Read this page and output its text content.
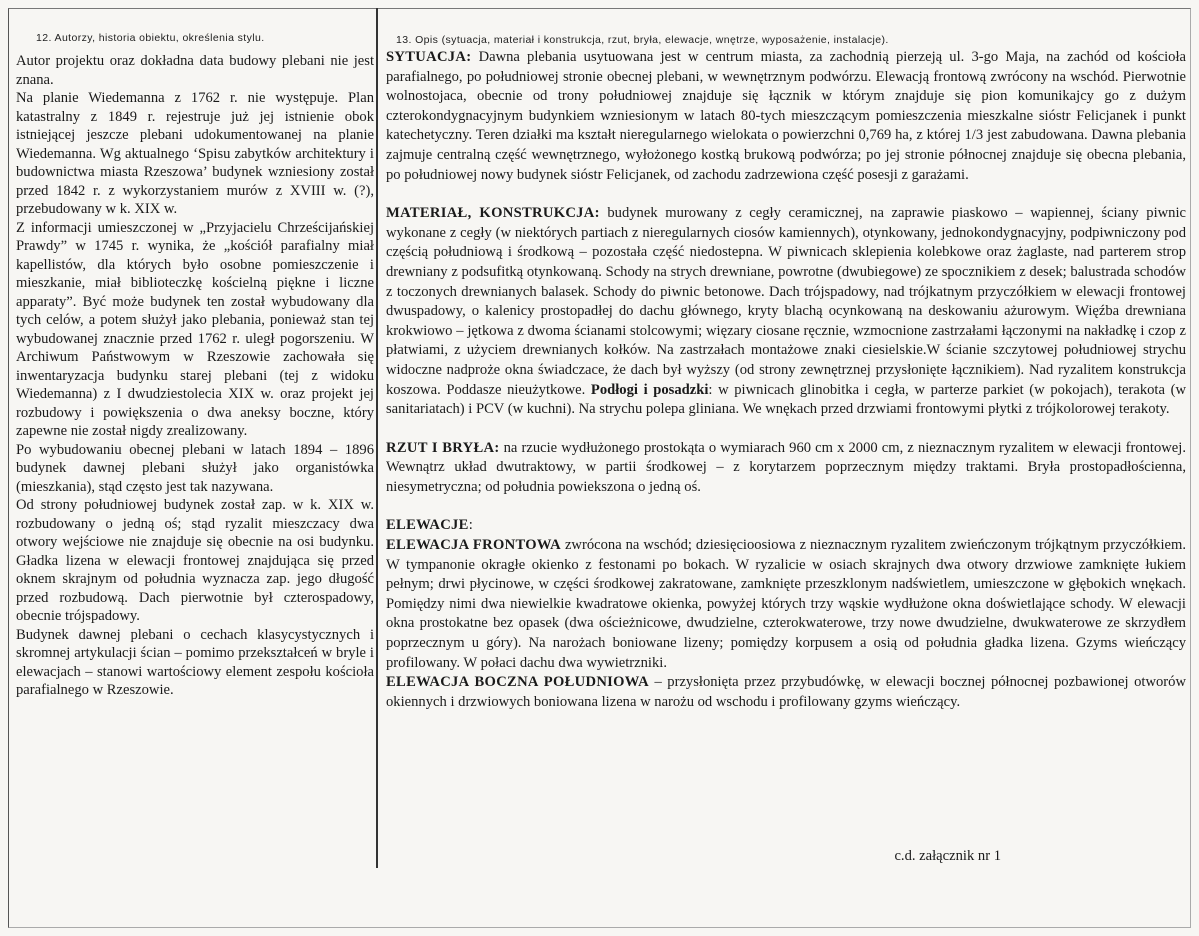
12. Autorzy, historia obiektu, określenia stylu.	13. Opis (sytuacja, materiał i konstrukcja, rzut, bryła, elewacje, wnętrze, wyposażenie, instalacje).

Autor projektu oraz dokładna data budowy plebani nie jest znana.

Na planie Wiedemanna z 1762 r. nie występuje. Plan katastralny z 1849 r. rejestruje już jej istnienie obok istniejącej jeszcze plebani udokumentowanej na planie Wiedemanna. Wg aktualnego ‘Spisu zabytków architektury i budownictwa miasta Rzeszowa’ budynek wzniesiony został przed 1842 r. z wykorzystaniem murów z XVIII w. (?), przebudowany w k. XIX w.

Z informacji umieszczonej w „Przyjacielu Chrześcijańskiej Prawdy” w 1745 r. wynika, że „kościół parafialny miał kapellistów, dla których było osobne pomieszczenie i mieszkanie, miał biblioteczkę kościelną piękne i liczne apparaty”. Być może budynek ten został wybudowany dla tych celów, a potem służył jako plebania, ponieważ stan tej wybudowanej znacznie przed 1762 r. uległ pogorszeniu. W Archiwum Państwowym w Rzeszowie zachowała się inwentaryzacja budynku starej plebani (tej z widoku Wiedemanna) z I dwudziestolecia XIX w. oraz projekt jej rozbudowy i powiększenia o dwa aneksy boczne, który zapewne nie został nigdy zrealizowany.

Po wybudowaniu obecnej plebani w latach 1894 – 1896 budynek dawnej plebani służył jako organistówka (mieszkania), stąd często jest tak nazywana.

Od strony południowej budynek został zap. w k. XIX w. rozbudowany o jedną oś; stąd ryzalit mieszczacy dwa otwory wejściowe nie znajduje się obecnie na osi budynku. Gładka lizena w elewacji frontowej znajdująca się przed oknem skrajnym od południa wyznacza zap. jego długość przed rozbudową. Dach pierwotnie był czterospadowy, obecnie trójspadowy.

Budynek dawnej plebani o cechach klasycystycznych i skromnej artykulacji ścian – pomimo przekształceń w bryle i elewacjach – stanowi wartościowy element zespołu kościoła parafialnego w Rzeszowie.

SYTUACJA: Dawna plebania usytuowana jest w centrum miasta, za zachodnią pierzeją ul. 3-go Maja, na zachód od kościoła parafialnego, po południowej stronie obecnej plebani, w wewnętrznym podwórzu. Elewacją frontową zwrócony na wschód. Pierwotnie wolnostojaca, obecnie od trony południowej znajduje się łącznik w którym znajduje się pion komunikajcy go z dużym czterokondygnacyjnym budynkiem wzniesionym w latach 80-tych mieszczącym pomieszczenia mieszkalne sióstr Felicjanek i punkt katechetyczny. Teren działki ma kształt nieregularnego wielokata o powierzchni 0,769 ha, z której 1/3 jest zabudowana. Dawna plebania zajmuje centralną część wewnętrznego, wyłożonego kostką brukową podwórza; po jej stronie północnej znajduje się obecna plebania, po południowej nowy budynek sióstr Felicjanek, od zachodu zadrzewiona część posesji z garażami.

MATERIAŁ, KONSTRUKCJA: budynek murowany z cegły ceramicznej, na zaprawie piaskowo – wapiennej, ściany piwnic wykonane z cegły (w niektórych partiach z nieregularnych ciosów kamiennych), otynkowany, jednokondygnacyjny, podpiwniczony pod częścią południową i środkową – pozostała część niedostepna. W piwnicach sklepienia kolebkowe oraz żaglaste, nad parterem strop drewniany z podsufitką otynkowaną. Schody na strych drewniane, powrotne (dwubiegowe) ze spocznikiem z desek; balustrada schodów z toczonych drewnianych balasek. Schody do piwnic betonowe. Dach trójspadowy, nad trójkatnym przyczółkiem w elewacji frontowej dwuspadowy, o kalenicy prostopadłej do dachu głównego, kryty blachą ocynkowaną na deskowaniu ażurowym. Więźba drewniana krokwiowo – jętkowa z dwoma ścianami stolcowymi; więzary ciosane ręcznie, wzmocnione zastrzałami łączonymi na nakładkę i czop z płatwiami, z użyciem drewnianych kołków. Na zastrzałach montażowe znaki ciesielskie.W ścianie szczytowej południowej strychu widoczne nadproże okna świadczace, że dach był wyższy (od strony zewnętrznej przysłonięte łącznikiem). Nad ryzalitem konstrukcja koszowa. Poddasze nieużytkowe. Podłogi i posadzki: w piwnicach glinobitka i cegła, w parterze parkiet (w pokojach), terakota (w sanitariatach) i PCV (w kuchni). Na strychu polepa gliniana. We wnękach przed drzwiami frontowymi płytki z trójkolorowej terakoty.

RZUT I BRYŁA: na rzucie wydłużonego prostokąta o wymiarach 960 cm x 2000 cm, z nieznacznym ryzalitem w elewacji frontowej. Wewnątrz układ dwutraktowy, w partii środkowej – z korytarzem poprzecznym między traktami. Bryła prostopadłościenna, niesymetryczna; od południa powiekszona o jedną oś.

ELEWACJE:

ELEWACJA FRONTOWA zwrócona na wschód; dziesięcioosiowa z nieznacznym ryzalitem zwieńczonym trójkątnym przyczółkiem. W tympanonie okragłe okienko z festonami po bokach. W ryzalicie w osiach skrajnych dwa otwory drzwiowe zamknięte łukiem pełnym; drwi płycinowe, w części środkowej zakratowane, zamknięte przeszklonym nadświetlem, umieszczone w głębokich wnękach. Pomiędzy nimi dwa niewielkie kwadratowe okienka, powyżej których trzy wąskie wydłużone okna doświetlające schody. W elewacji okna prostokatne bez opasek (dwa ościeżnicowe, dwudzielne, czterokwaterowe, trzy nowe dwudzielne, dwukwaterowe ze skrzydłem poprzecznym u góry). Na narożach boniowane lizeny; pomiędzy korpusem a osią od południa gładka lizena. Gzyms wieńczący profilowany. W połaci dachu dwa wywietrzniki.

ELEWACJA BOCZNA POŁUDNIOWA – przysłonięta przez przybudówkę, w elewacji bocznej północnej pozbawionej otworów okiennych i drzwiowych boniowana lizena w narożu od wschodu i profilowany gzyms wieńczący.

c.d. załącznik nr 1
